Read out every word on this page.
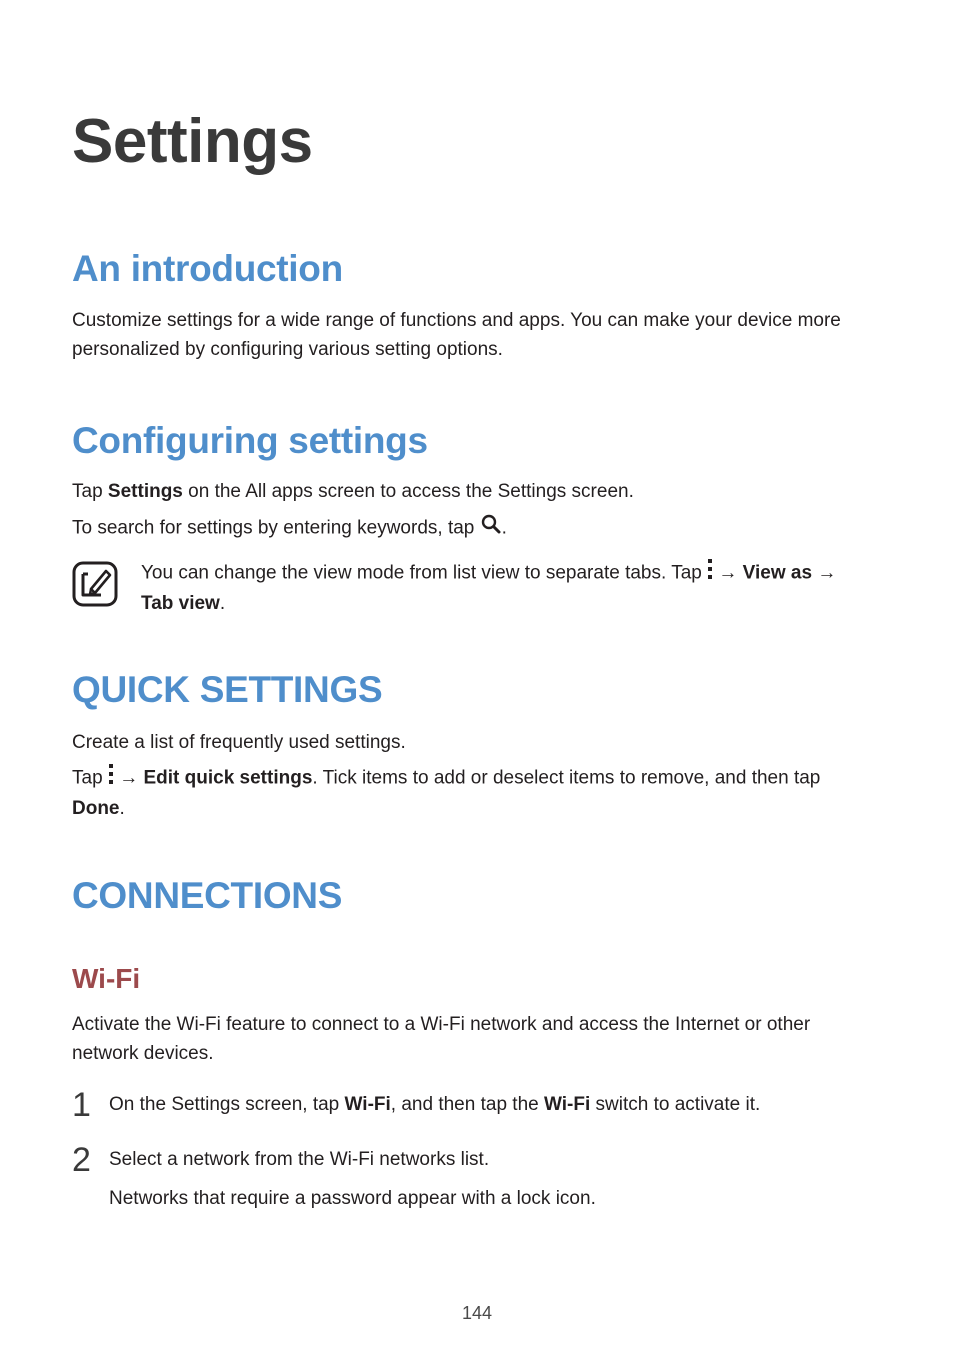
Settings
An introduction

Customize settings for a wide range of functions and apps. You can make your device more personalized by configuring various setting options.

Configuring settings

Tap Settings on the All apps screen to access the Settings screen.

To search for settings by entering keywords, tap .

You can change the view mode from list view to separate tabs. Tap  → View as →
Tab view.

QUICK SETTINGS

Create a list of frequently used settings.

Tap  → Edit quick settings. Tick items to add or deselect items to remove, and then tap
Done.

CONNECTIONS
Wi-Fi

Activate the Wi-Fi feature to connect to a Wi-Fi network and access the Internet or other network devices.

1 On the Settings screen, tap Wi-Fi, and then tap the Wi-Fi switch to activate it.

2 Select a network from the Wi-Fi networks list.

Networks that require a password appear with a lock icon.

144
